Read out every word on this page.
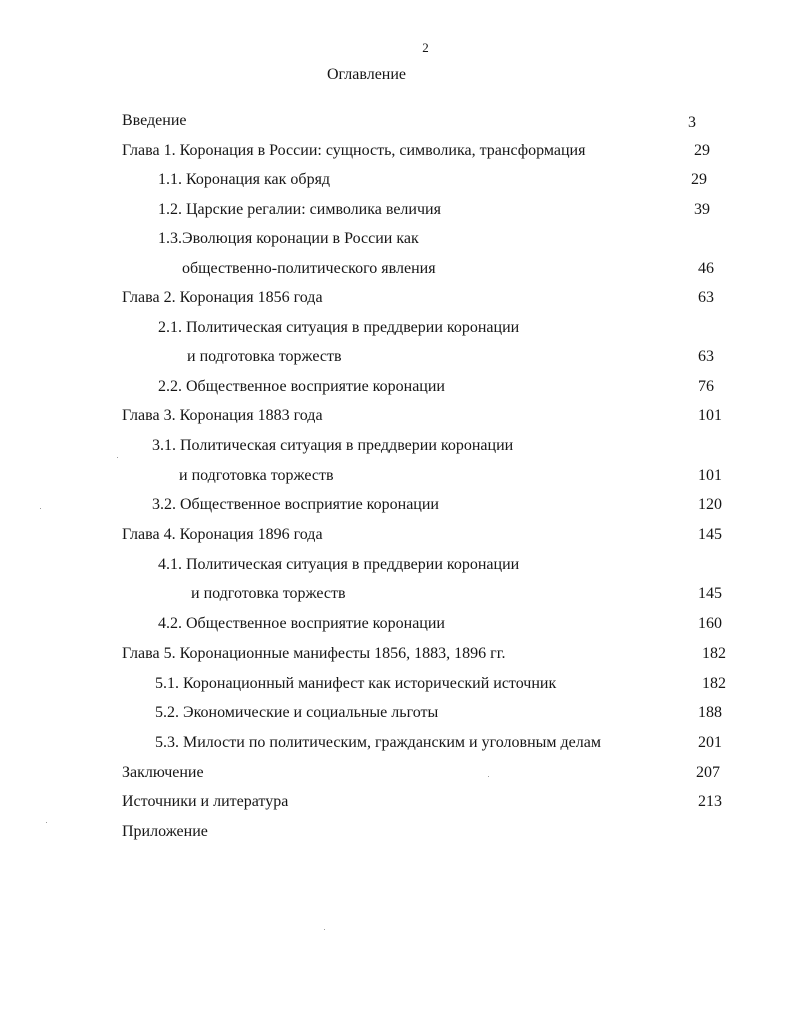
2
Оглавление
Введение	3
Глава 1. Коронация в России: сущность, символика, трансформация	29
1.1. Коронация как обряд	29
1.2. Царские регалии: символика величия	39
1.3.Эволюция коронации в России как
общественно-политического явления	46
Глава 2. Коронация 1856 года	63
2.1. Политическая ситуация в преддверии коронации
и подготовка торжеств	63
2.2. Общественное восприятие коронации	76
Глава 3. Коронация 1883 года	101
3.1. Политическая ситуация в преддверии коронации
и подготовка торжеств	101
3.2. Общественное восприятие коронации	120
Глава 4. Коронация 1896 года	145
4.1. Политическая ситуация в преддверии коронации
и подготовка торжеств	145
4.2. Общественное восприятие коронации	160
Глава 5. Коронационные манифесты 1856, 1883, 1896 гг.	182
5.1. Коронационный манифест как исторический источник	182
5.2. Экономические и социальные льготы	188
5.3. Милости по политическим, гражданским и уголовным делам	201
Заключение	207
Источники и литература	213
Приложение
